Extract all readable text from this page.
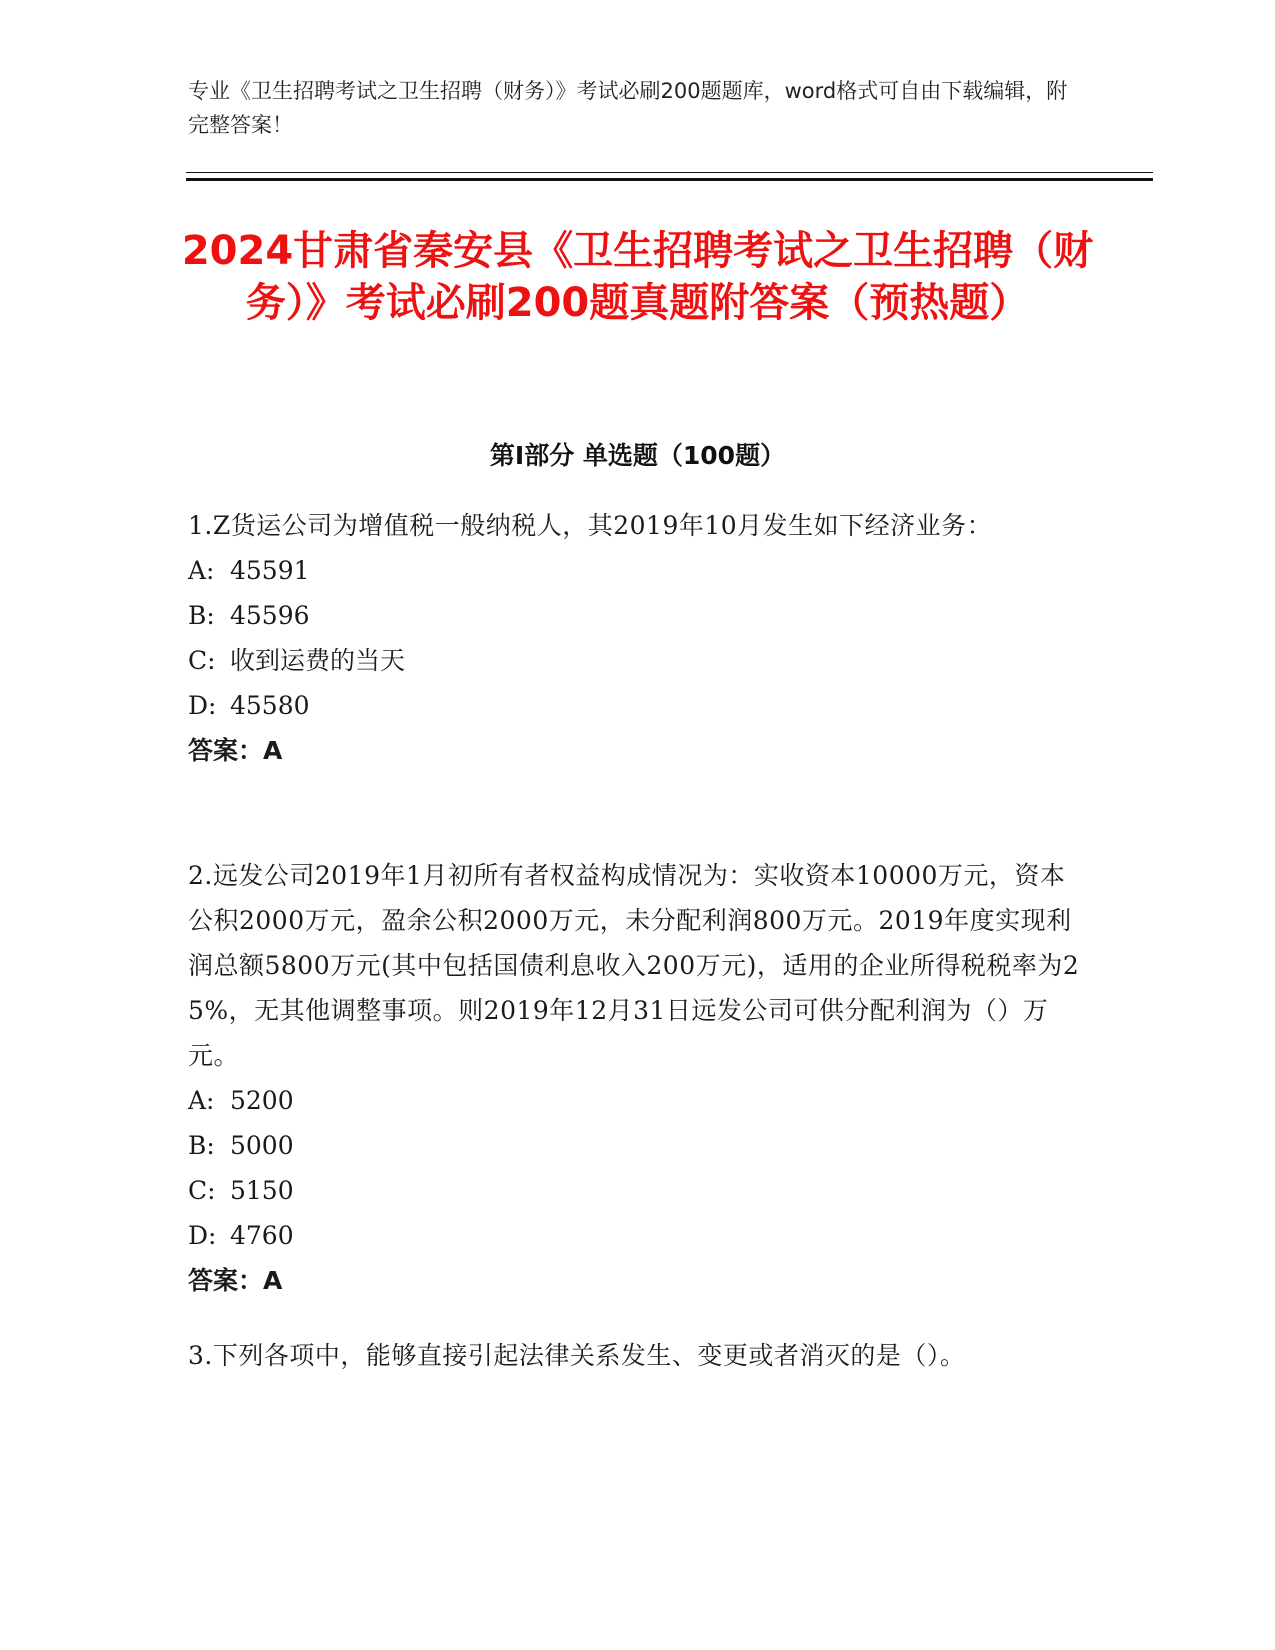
专业《卫生招聘考试之卫生招聘（财务）》考试必刷200题题库，word格式可自由下载编辑，附完整答案！
2024甘肃省秦安县《卫生招聘考试之卫生招聘（财务）》考试必刷200题真题附答案（预热题）
第Ⅰ部分 单选题（100题）
1.Z货运公司为增值税一般纳税人，其2019年10月发生如下经济业务：
A: 45591
B: 45596
C: 收到运费的当天
D: 45580
答案：A
2.远发公司2019年1月初所有者权益构成情况为：实收资本10000万元，资本公积2000万元，盈余公积2000万元，未分配利润800万元。2019年度实现利润总额5800万元(其中包括国债利息收入200万元)，适用的企业所得税税率为25%，无其他调整事项。则2019年12月31日远发公司可供分配利润为（）万元。
A: 5200
B: 5000
C: 5150
D: 4760
答案：A
3.下列各项中，能够直接引起法律关系发生、变更或者消灭的是（）。
